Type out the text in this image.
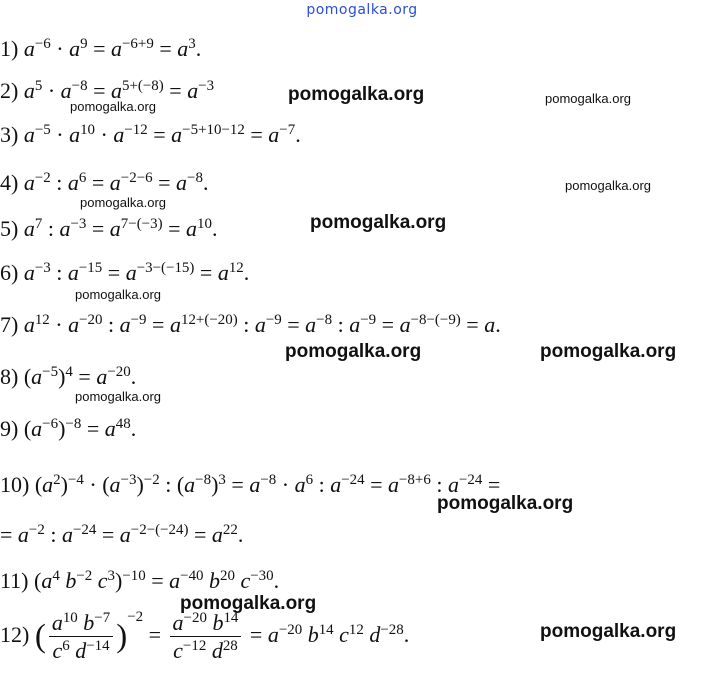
pomogalka.org
1) $a^{-6} \cdot a^9 = a^{-6+9} = a^3$.
2) $a^5 \cdot a^{-8} = a^{5+(-8)} = a^{-3}$
3) $a^{-5} \cdot a^{10} \cdot a^{-12} = a^{-5+10-12} = a^{-7}$.
4) $a^{-2}$ : $a^6 = a^{-2-6} = a^{-8}$.
5) $a^7$ : $a^{-3} = a^{7-(-3)} = a^{10}$.
6) $a^{-3}$ : $a^{-15} = a^{-3-(-15)} = a^{12}$.
7) $a^{12} \cdot a^{-20}$ : $a^{-9} = a^{12+(-20)}$ : $a^{-9} = a^{-8}$ : $a^{-9} = a^{-8-(-9)} = a$.
8) $(a^{-5})^4 = a^{-20}$.
9) $(a^{-6})^{-8} = a^{48}$.
10) $(a^2)^{-4} \cdot (a^{-3})^{-2}$ : $(a^{-8})^3 = a^{-8} \cdot a^6$ : $a^{-24} = a^{-8+6}$ : $a^{-24}$ =
= $a^{-2}$ : $a^{-24} = a^{-2-(-24)} = a^{22}$.
11) ($a^4$ $b^{-2}$ $c^3)^{-10} = a^{-40}$ $b^{20}$ $c^{-30}$.
12) ( $\frac{a^{10} b^{-7}}{c^6 d^{-14}} )^{-2} = \frac{a^{-20} b^{14}}{c^{-12} d^{28}} = a^{-20}$ $b^{14}$ $c^{12}$ $d^{-28}$.
pomogalka.org
pomogalka.org
pomogalka.org
pomogalka.org
pomogalka.org
pomogalka.org
pomogalka.org
pomogalka.org	pomogalka.org
pomogalka.org
pomogalka.org
pomogalka.org
pomogalka.org
